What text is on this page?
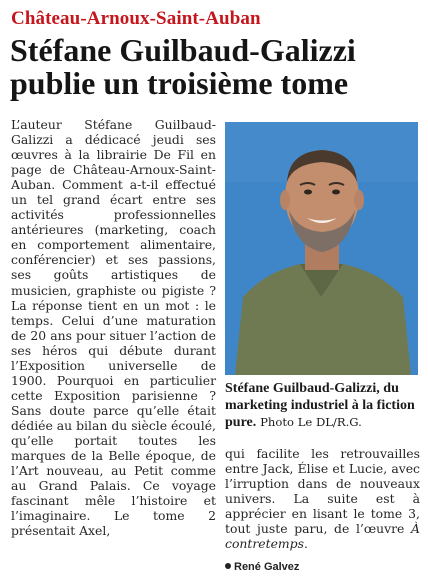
Château-Arnoux-Saint-Auban
Stéfane Guilbaud-Galizzi publie un troisième tome

L’auteur Stéfane Guilbaud-Galizzi a dédicacé jeudi ses œuvres à la librairie De Fil en page de Château-Arnoux-Saint-Auban. Comment a-t-il effectué un tel grand écart entre ses activités professionnelles antérieures (marketing, coach en comportement alimentaire, conférencier) et ses passions, ses goûts artistiques de musicien, graphiste ou pigiste ? La réponse tient en un mot : le temps. Celui d’une maturation de 20 ans pour situer l’action de ses héros qui débute durant l’Exposition universelle de 1900. Pourquoi en particulier cette Exposition parisienne ? Sans doute parce qu’elle était dédiée au bilan du siècle écoulé, qu’elle portait toutes les marques de la Belle époque, de l’Art nouveau, au Petit comme au Grand Palais. Ce voyage fascinant mêle l’histoire et l’imaginaire. Le tome 2 présentait Axel,

Stéfane Guilbaud-Galizzi, du marketing industriel à la fiction pure. Photo Le DL/R.G.

qui facilite les retrouvailles entre Jack, Élise et Lucie, avec l’irruption dans de nouveaux univers. La suite est à apprécier en lisant le tome 3, tout juste paru, de l’œuvre À contretemps.

René Galvez
